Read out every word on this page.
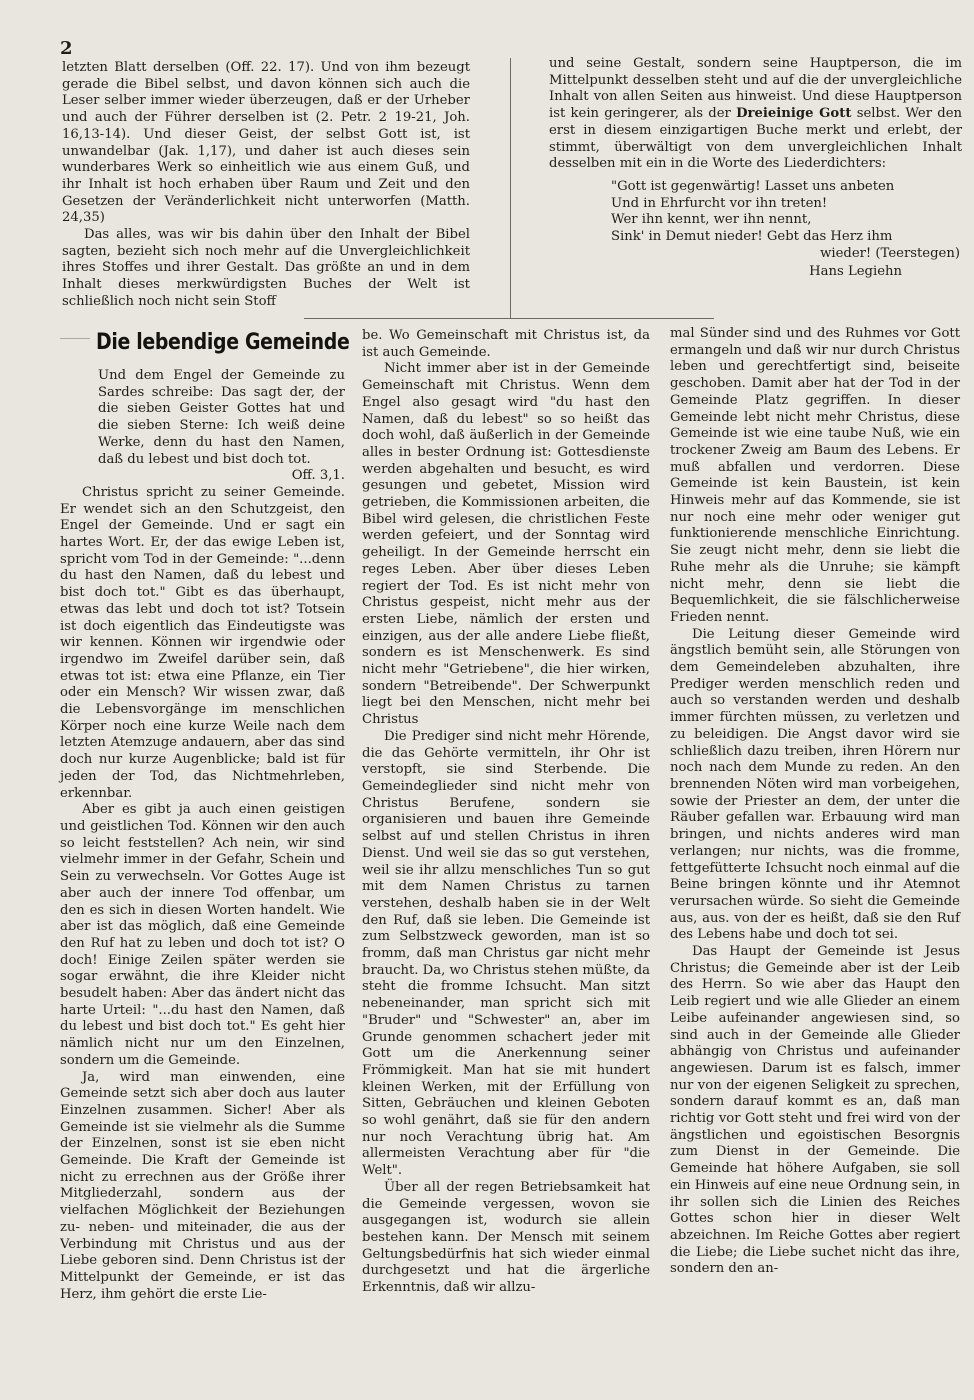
2

letzten Blatt derselben (Off. 22. 17). Und von ihm bezeugt gerade die Bibel selbst, und davon können sich auch die Leser selber immer wieder überzeugen, daß er der Urheber und auch der Führer derselben ist (2. Petr. 2 19-21, Joh. 16,13-14). Und dieser Geist, der selbst Gott ist, ist unwandelbar (Jak. 1,17), und daher ist auch dieses sein wunderbares Werk so einheitlich wie aus einem Guß, und ihr Inhalt ist hoch erhaben über Raum und Zeit und den Gesetzen der Veränderlichkeit nicht unterworfen (Matth. 24,35)

Das alles, was wir bis dahin über den Inhalt der Bibel sagten, bezieht sich noch mehr auf die Unvergleichlichkeit ihres Stoffes und ihrer Gestalt. Das größte an und in dem Inhalt dieses merkwürdigsten Buches der Welt ist schließlich noch nicht sein Stoff

und seine Gestalt, sondern seine Hauptperson, die im Mittelpunkt desselben steht und auf die der unvergleichliche Inhalt von allen Seiten aus hinweist. Und diese Hauptperson ist kein geringerer, als der Dreieinige Gott selbst. Wer den erst in diesem einzigartigen Buche merkt und erlebt, der stimmt, überwältigt von dem unvergleichlichen Inhalt desselben mit ein in die Worte des Liederdichters:

"Gott ist gegenwärtig! Lasset uns anbeten
Und in Ehrfurcht vor ihn treten!
Wer ihn kennt, wer ihn nennt,
Sink' in Demut nieder! Gebt das Herz ihm
wieder! (Teerstegen)
Hans Legiehn
Die lebendige Gemeinde

Und dem Engel der Gemeinde zu Sardes schreibe: Das sagt der, der die sieben Geister Gottes hat und die sieben Sterne: Ich weiß deine Werke, denn du hast den Namen, daß du lebest und bist doch tot.

Off. 3,1.

Christus spricht zu seiner Gemeinde. Er wendet sich an den Schutzgeist, den Engel der Gemeinde. Und er sagt ein hartes Wort. Er, der das ewige Leben ist, spricht vom Tod in der Gemeinde: "...denn du hast den Namen, daß du lebest und bist doch tot." Gibt es das überhaupt, etwas das lebt und doch tot ist? Totsein ist doch eigentlich das Eindeutigste was wir kennen. Können wir irgendwie oder irgendwo im Zweifel darüber sein, daß etwas tot ist: etwa eine Pflanze, ein Tier oder ein Mensch? Wir wissen zwar, daß die Lebensvorgänge im menschlichen Körper noch eine kurze Weile nach dem letzten Atemzuge andauern, aber das sind doch nur kurze Augenblicke; bald ist für jeden der Tod, das Nichtmehrleben, erkennbar.

Aber es gibt ja auch einen geistigen und geistlichen Tod. Können wir den auch so leicht feststellen? Ach nein, wir sind vielmehr immer in der Gefahr, Schein und Sein zu verwechseln. Vor Gottes Auge ist aber auch der innere Tod offenbar, um den es sich in diesen Worten handelt. Wie aber ist das möglich, daß eine Gemeinde den Ruf hat zu leben und doch tot ist? O doch! Einige Zeilen später werden sie sogar erwähnt, die ihre Kleider nicht besudelt haben: Aber das ändert nicht das harte Urteil: "...du hast den Namen, daß du lebest und bist doch tot." Es geht hier nämlich nicht nur um den Einzelnen, sondern um die Gemeinde.

Ja, wird man einwenden, eine Gemeinde setzt sich aber doch aus lauter Einzelnen zusammen. Sicher! Aber als Gemeinde ist sie vielmehr als die Summe der Einzelnen, sonst ist sie eben nicht Gemeinde. Die Kraft der Gemeinde ist nicht zu errechnen aus der Größe ihrer Mitgliederzahl, sondern aus der vielfachen Möglichkeit der Beziehungen zu- neben- und miteinader, die aus der Verbindung mit Christus und aus der Liebe geboren sind. Denn Christus ist der Mittelpunkt der Gemeinde, er ist das Herz, ihm gehört die erste Lie-

be. Wo Gemeinschaft mit Christus ist, da ist auch Gemeinde.

Nicht immer aber ist in der Gemeinde Gemeinschaft mit Christus. Wenn dem Engel also gesagt wird "du hast den Namen, daß du lebest" so so heißt das doch wohl, daß äußerlich in der Gemeinde alles in bester Ordnung ist: Gottesdienste werden abgehalten und besucht, es wird gesungen und gebetet, Mission wird getrieben, die Kommissionen arbeiten, die Bibel wird gelesen, die christlichen Feste werden gefeiert, und der Sonntag wird geheiligt. In der Gemeinde herrscht ein reges Leben. Aber über dieses Leben regiert der Tod. Es ist nicht mehr von Christus gespeist, nicht mehr aus der ersten Liebe, nämlich der ersten und einzigen, aus der alle andere Liebe fließt, sondern es ist Menschenwerk. Es sind nicht mehr "Getriebene", die hier wirken, sondern "Betreibende". Der Schwerpunkt liegt bei den Menschen, nicht mehr bei Christus

Die Prediger sind nicht mehr Hörende, die das Gehörte vermitteln, ihr Ohr ist verstopft, sie sind Sterbende. Die Gemeindeglieder sind nicht mehr von Christus Berufene, sondern sie organisieren und bauen ihre Gemeinde selbst auf und stellen Christus in ihren Dienst. Und weil sie das so gut verstehen, weil sie ihr allzu menschliches Tun so gut mit dem Namen Christus zu tarnen verstehen, deshalb haben sie in der Welt den Ruf, daß sie leben. Die Gemeinde ist zum Selbstzweck geworden, man ist so fromm, daß man Christus gar nicht mehr braucht. Da, wo Christus stehen müßte, da steht die fromme Ichsucht. Man sitzt nebeneinander, man spricht sich mit "Bruder" und "Schwester" an, aber im Grunde genommen schachert jeder mit Gott um die Anerkennung seiner Frömmigkeit. Man hat sie mit hundert kleinen Werken, mit der Erfüllung von Sitten, Gebräuchen und kleinen Geboten so wohl genährt, daß sie für den andern nur noch Verachtung übrig hat. Am allermeisten Verachtung aber für "die Welt".

Über all der regen Betriebsamkeit hat die Gemeinde vergessen, wovon sie ausgegangen ist, wodurch sie allein bestehen kann. Der Mensch mit seinem Geltungsbedürfnis hat sich wieder einmal durchgesetzt und hat die ärgerliche Erkenntnis, daß wir allzu-

mal Sünder sind und des Ruhmes vor Gott ermangeln und daß wir nur durch Christus leben und gerechtfertigt sind, beiseite geschoben. Damit aber hat der Tod in der Gemeinde Platz gegriffen. In dieser Gemeinde lebt nicht mehr Christus, diese Gemeinde ist wie eine taube Nuß, wie ein trockener Zweig am Baum des Lebens. Er muß abfallen und verdorren. Diese Gemeinde ist kein Baustein, ist kein Hinweis mehr auf das Kommende, sie ist nur noch eine mehr oder weniger gut funktionierende menschliche Einrichtung. Sie zeugt nicht mehr, denn sie liebt die Ruhe mehr als die Unruhe; sie kämpft nicht mehr, denn sie liebt die Bequemlichkeit, die sie fälschlicherweise Frieden nennt.

Die Leitung dieser Gemeinde wird ängstlich bemüht sein, alle Störungen von dem Gemeindeleben abzuhalten, ihre Prediger werden menschlich reden und auch so verstanden werden und deshalb immer fürchten müssen, zu verletzen und zu beleidigen. Die Angst davor wird sie schließlich dazu treiben, ihren Hörern nur noch nach dem Munde zu reden. An den brennenden Nöten wird man vorbeigehen, sowie der Priester an dem, der unter die Räuber gefallen war. Erbauung wird man bringen, und nichts anderes wird man verlangen; nur nichts, was die fromme, fettgefütterte Ichsucht noch einmal auf die Beine bringen könnte und ihr Atemnot verursachen würde. So sieht die Gemeinde aus, aus. von der es heißt, daß sie den Ruf des Lebens habe und doch tot sei.

Das Haupt der Gemeinde ist Jesus Christus; die Gemeinde aber ist der Leib des Herrn. So wie aber das Haupt den Leib regiert und wie alle Glieder an einem Leibe aufeinander angewiesen sind, so sind auch in der Gemeinde alle Glieder abhängig von Christus und aufeinander angewiesen. Darum ist es falsch, immer nur von der eigenen Seligkeit zu sprechen, sondern darauf kommt es an, daß man richtig vor Gott steht und frei wird von der ängstlichen und egoistischen Besorgnis zum Dienst in der Gemeinde. Die Gemeinde hat höhere Aufgaben, sie soll ein Hinweis auf eine neue Ordnung sein, in ihr sollen sich die Linien des Reiches Gottes schon hier in dieser Welt abzeichnen. Im Reiche Gottes aber regiert die Liebe; die Liebe suchet nicht das ihre, sondern den an-
